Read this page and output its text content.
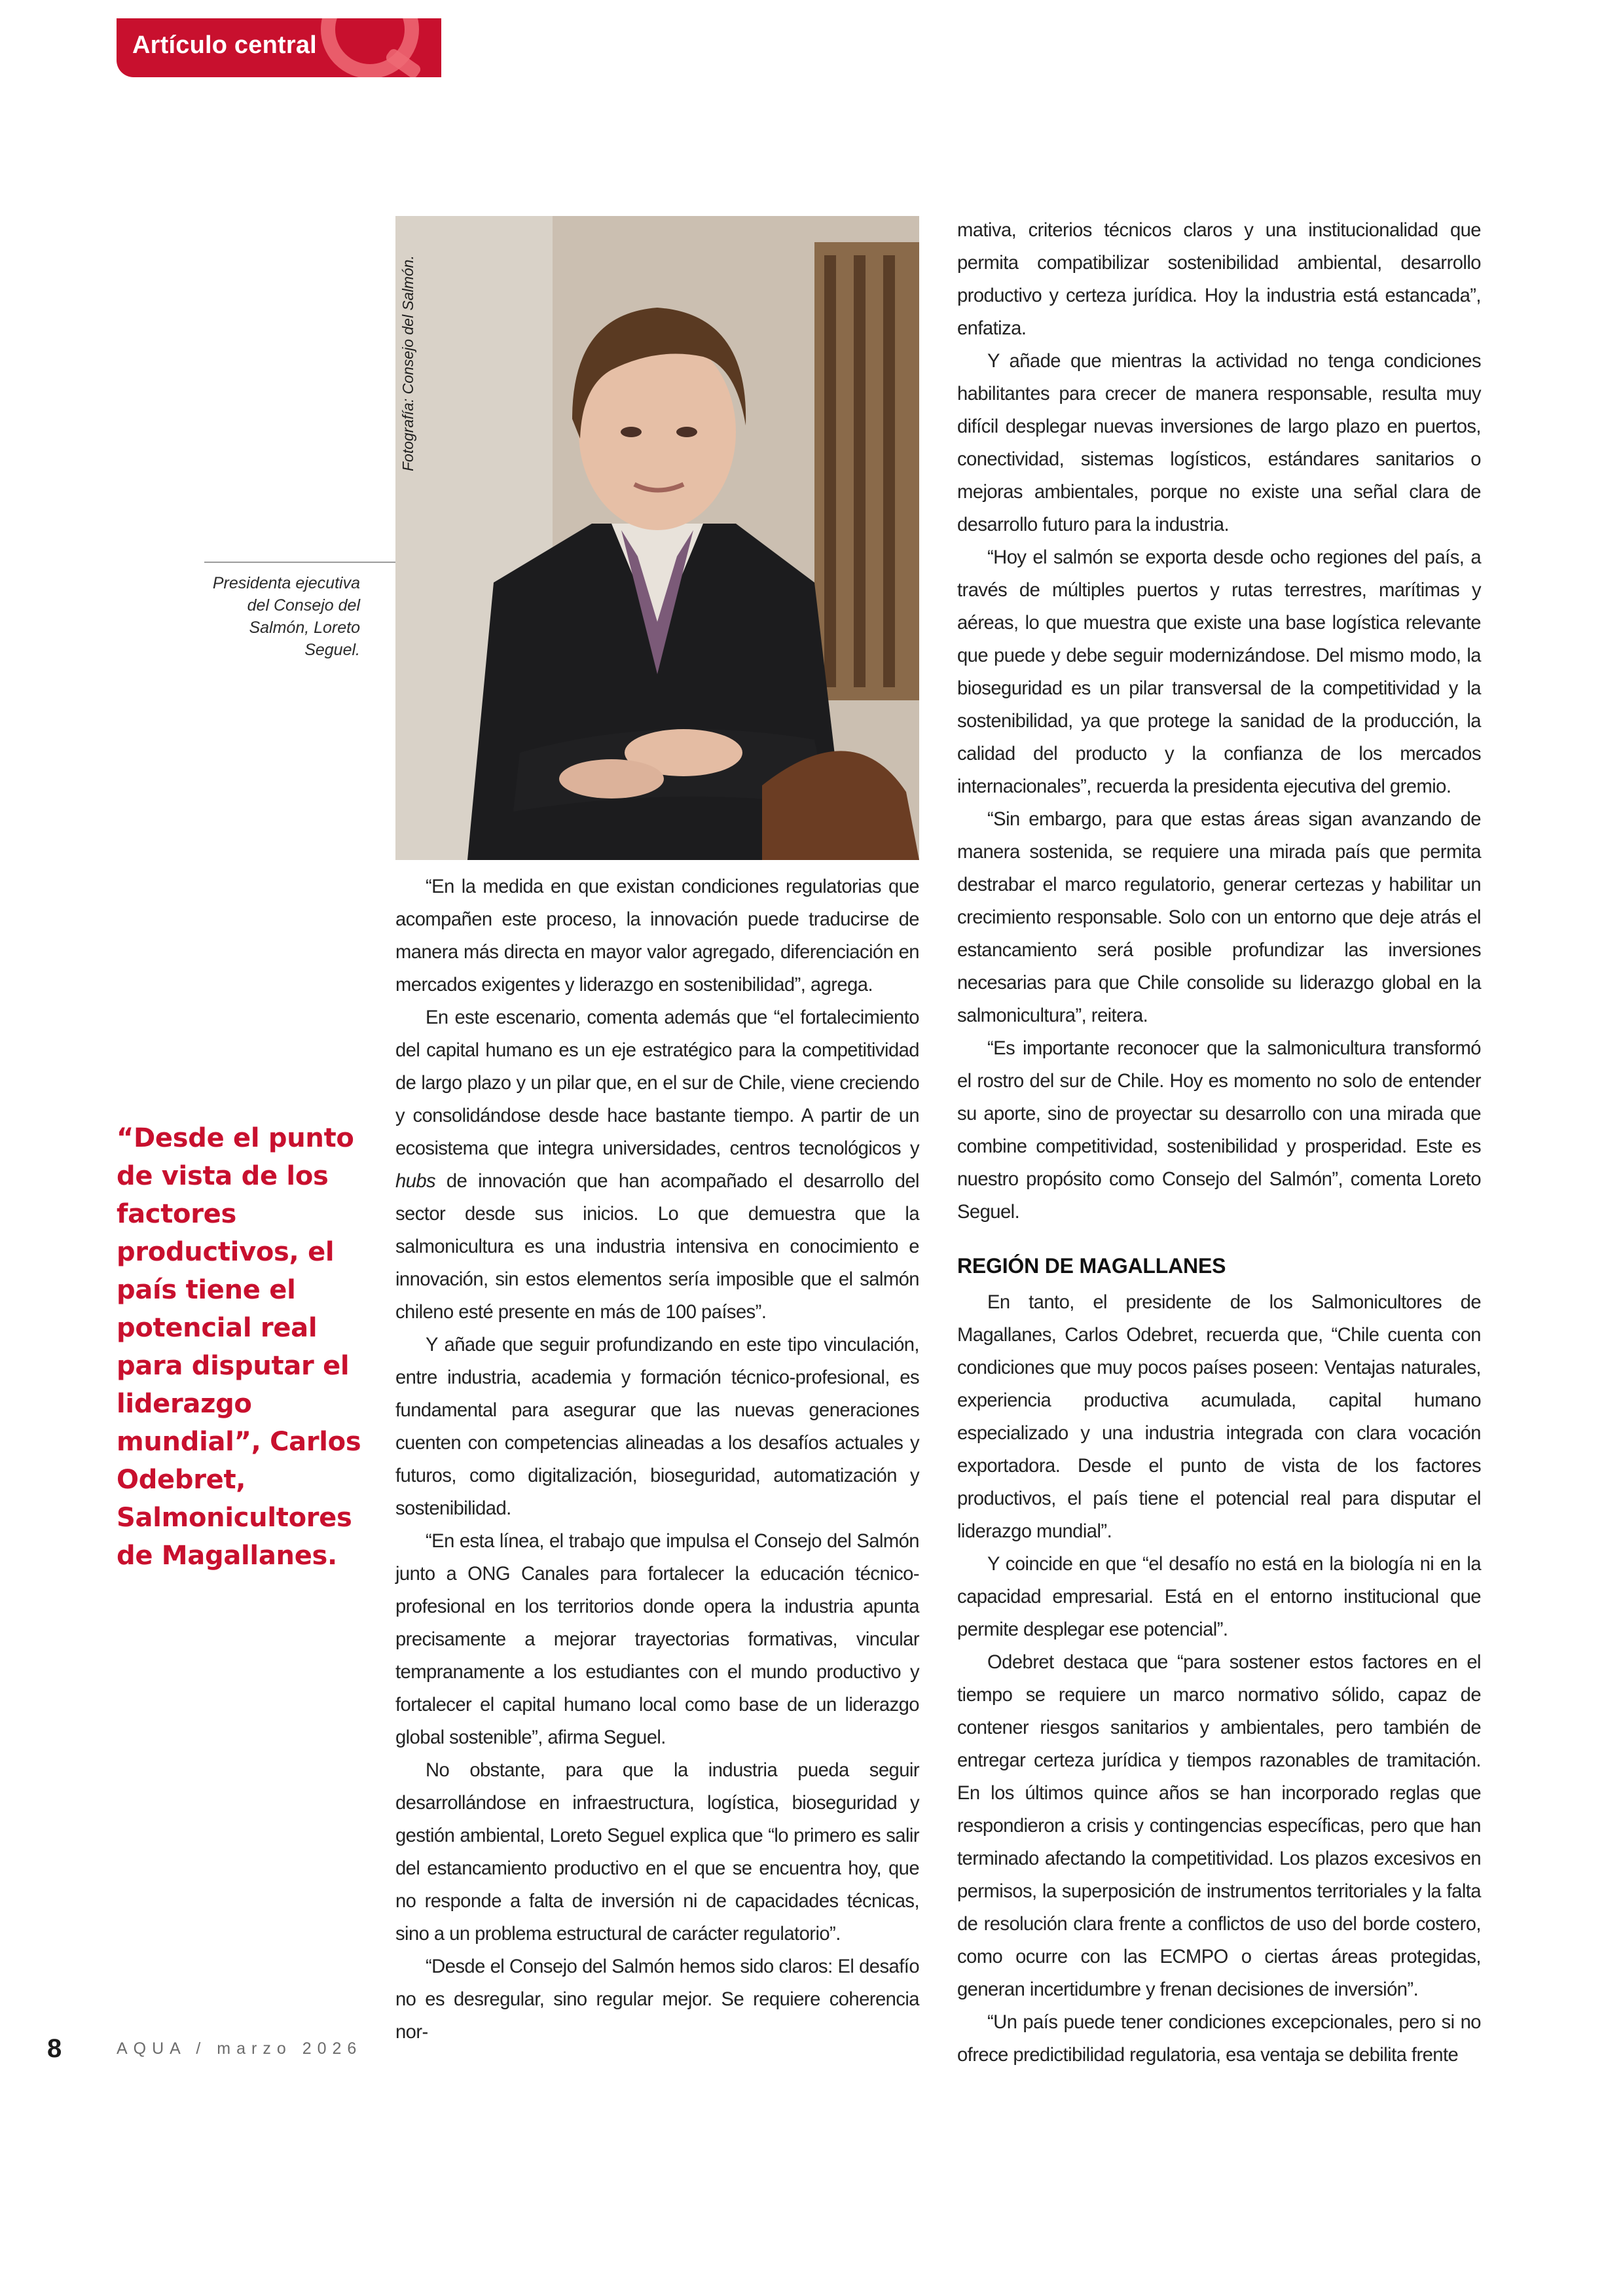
Artículo central
Fotografía: Consejo del Salmón.
Presidenta ejecutiva del Consejo del Salmón, Loreto Seguel.
“Desde el punto de vista de los factores productivos, el país tiene el potencial real para disputar el liderazgo mundial”, Carlos Odebret, Salmonicultores de Magallanes.

“En la medida en que existan condiciones regulatorias que acompañen este proceso, la innovación puede traducirse de manera más directa en mayor valor agregado, diferenciación en mercados exigentes y liderazgo en sostenibilidad”, agrega.

En este escenario, comenta además que “el fortalecimiento del capital humano es un eje estratégico para la competitividad de largo plazo y un pilar que, en el sur de Chile, viene creciendo y consolidándose desde hace bastante tiempo. A partir de un ecosistema que integra universidades, centros tecnológicos y hubs de innovación que han acompañado el desarrollo del sector desde sus inicios. Lo que demuestra que la salmonicultura es una industria intensiva en conocimiento e innovación, sin estos elementos sería imposible que el salmón chileno esté presente en más de 100 países”.

Y añade que seguir profundizando en este tipo vinculación, entre industria, academia y formación técnico-profesional, es fundamental para asegurar que las nuevas generaciones cuenten con competencias alineadas a los desafíos actuales y futuros, como digitalización, bioseguridad, automatización y sostenibilidad.

“En esta línea, el trabajo que impulsa el Consejo del Salmón junto a ONG Canales para fortalecer la educación técnico-profesional en los territorios donde opera la industria apunta precisamente a mejorar trayectorias formativas, vincular tempranamente a los estudiantes con el mundo productivo y fortalecer el capital humano local como base de un liderazgo global sostenible”, afirma Seguel.

No obstante, para que la industria pueda seguir desarrollándose en infraestructura, logística, bioseguridad y gestión ambiental, Loreto Seguel explica que “lo primero es salir del estancamiento productivo en el que se encuentra hoy, que no responde a falta de inversión ni de capacidades técnicas, sino a un problema estructural de carácter regulatorio”.

“Desde el Consejo del Salmón hemos sido claros: El desafío no es desregular, sino regular mejor. Se requiere coherencia nor-

mativa, criterios técnicos claros y una institucionalidad que permita compatibilizar sostenibilidad ambiental, desarrollo productivo y certeza jurídica. Hoy la industria está estancada”, enfatiza.

Y añade que mientras la actividad no tenga condiciones habilitantes para crecer de manera responsable, resulta muy difícil desplegar nuevas inversiones de largo plazo en puertos, conectividad, sistemas logísticos, estándares sanitarios o mejoras ambientales, porque no existe una señal clara de desarrollo futuro para la industria.

“Hoy el salmón se exporta desde ocho regiones del país, a través de múltiples puertos y rutas terrestres, marítimas y aéreas, lo que muestra que existe una base logística relevante que puede y debe seguir modernizándose. Del mismo modo, la bioseguridad es un pilar transversal de la competitividad y la sostenibilidad, ya que protege la sanidad de la producción, la calidad del producto y la confianza de los mercados internacionales”, recuerda la presidenta ejecutiva del gremio.

“Sin embargo, para que estas áreas sigan avanzando de manera sostenida, se requiere una mirada país que permita destrabar el marco regulatorio, generar certezas y habilitar un crecimiento responsable. Solo con un entorno que deje atrás el estancamiento será posible profundizar las inversiones necesarias para que Chile consolide su liderazgo global en la salmonicultura”, reitera.

“Es importante reconocer que la salmonicultura transformó el rostro del sur de Chile. Hoy es momento no solo de entender su aporte, sino de proyectar su desarrollo con una mirada que combine competitividad, sostenibilidad y prosperidad. Este es nuestro propósito como Consejo del Salmón”, comenta Loreto Seguel.

REGIÓN DE MAGALLANES

En tanto, el presidente de los Salmonicultores de Magallanes, Carlos Odebret, recuerda que, “Chile cuenta con condiciones que muy pocos países poseen: Ventajas naturales, experiencia productiva acumulada, capital humano especializado y una industria integrada con clara vocación exportadora. Desde el punto de vista de los factores productivos, el país tiene el potencial real para disputar el liderazgo mundial”.

Y coincide en que “el desafío no está en la biología ni en la capacidad empresarial. Está en el entorno institucional que permite desplegar ese potencial”.

Odebret destaca que “para sostener estos factores en el tiempo se requiere un marco normativo sólido, capaz de contener riesgos sanitarios y ambientales, pero también de entregar certeza jurídica y tiempos razonables de tramitación. En los últimos quince años se han incorporado reglas que respondieron a crisis y contingencias específicas, pero que han terminado afectando la competitividad. Los plazos excesivos en permisos, la superposición de instrumentos territoriales y la falta de resolución clara frente a conflictos de uso del borde costero, como ocurre con las ECMPO o ciertas áreas protegidas, generan incertidumbre y frenan decisiones de inversión”.

“Un país puede tener condiciones excepcionales, pero si no ofrece predictibilidad regulatoria, esa ventaja se debilita frente

8	AQUA / marzo 2026
